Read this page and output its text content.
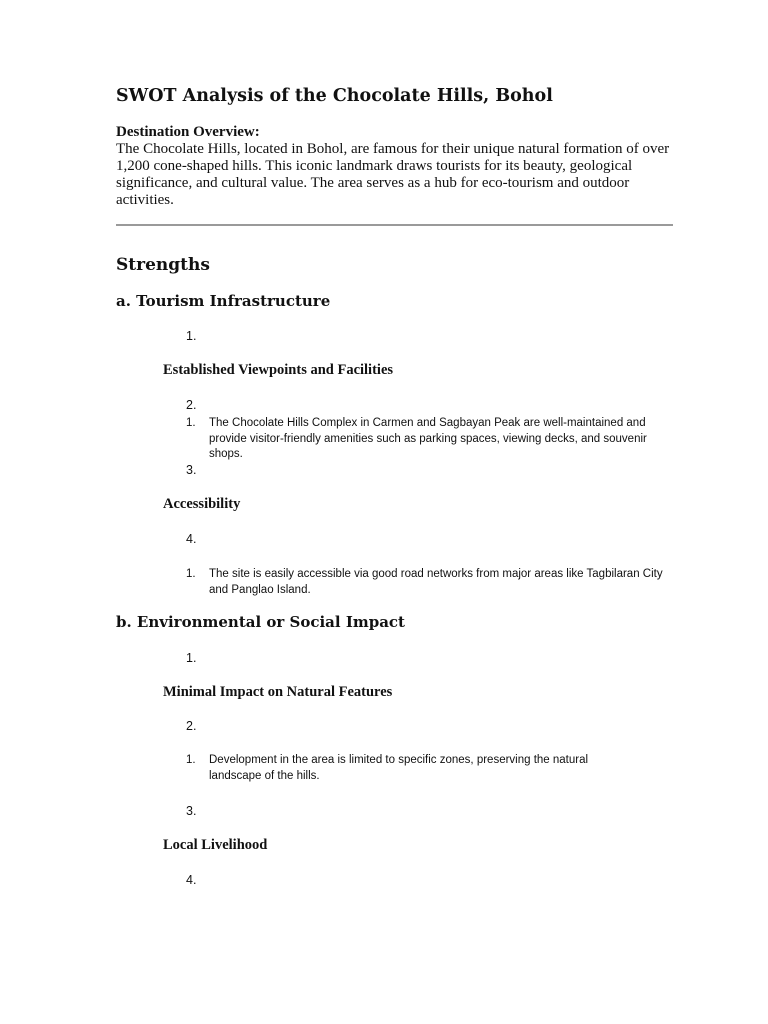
SWOT Analysis of the Chocolate Hills, Bohol
Destination Overview:

The Chocolate Hills, located in Bohol, are famous for their unique natural formation of over 1,200 cone-shaped hills. This iconic landmark draws tourists for its beauty, geological significance, and cultural value. The area serves as a hub for eco-tourism and outdoor activities.

Strengths
a. Tourism Infrastructure
1.
Established Viewpoints and Facilities
2.
1. The Chocolate Hills Complex in Carmen and Sagbayan Peak are well-maintained and provide visitor-friendly amenities such as parking spaces, viewing decks, and souvenir shops.
3.
Accessibility
4.
1. The site is easily accessible via good road networks from major areas like Tagbilaran City and Panglao Island.
b. Environmental or Social Impact
1.
Minimal Impact on Natural Features
2.
1. Development in the area is limited to specific zones, preserving the natural landscape of the hills.
3.
Local Livelihood
4.
